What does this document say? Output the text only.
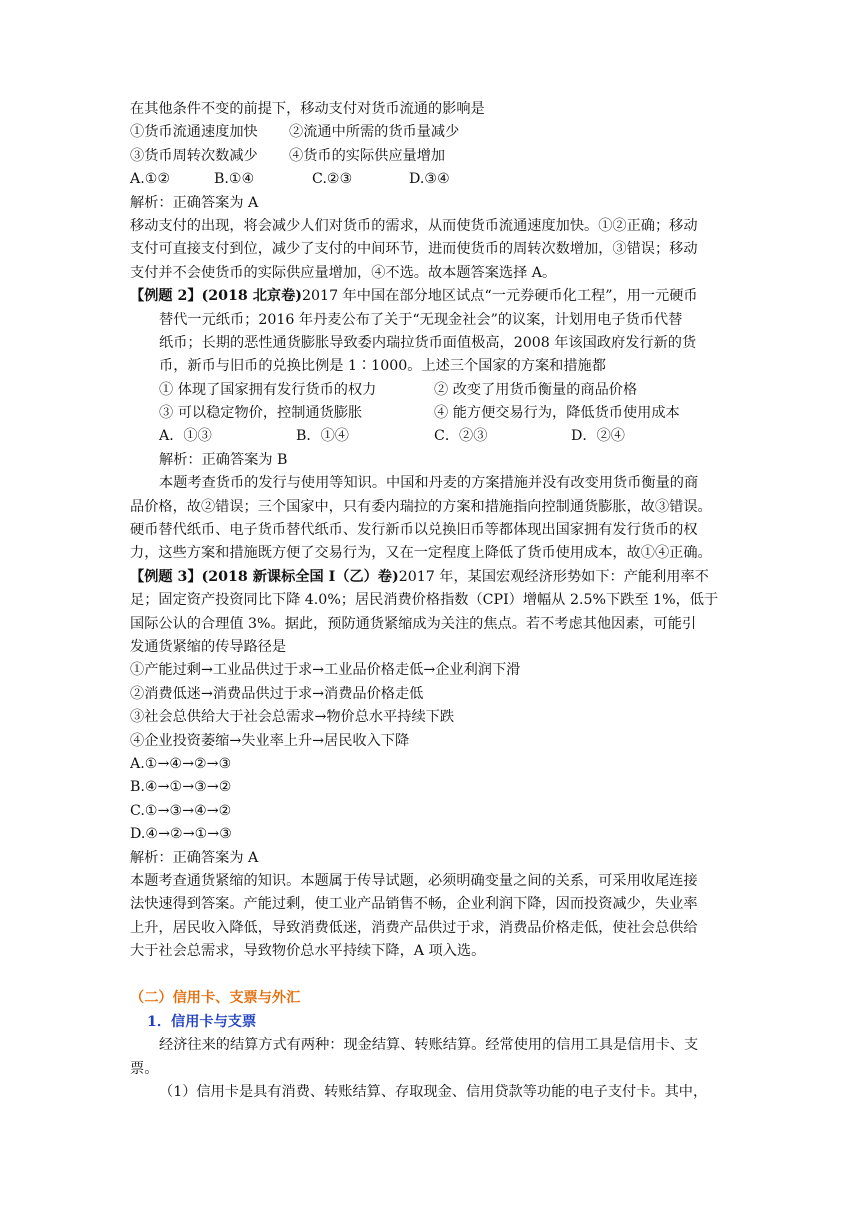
在其他条件不变的前提下，移动支付对货币流通的影响是
①货币流通速度加快	②流通中所需的货币量减少
③货币周转次数减少	④货币的实际供应量增加
A.①②	B.①④	C.②③	D.③④
解析：正确答案为 A
移动支付的出现，将会减少人们对货币的需求，从而使货币流通速度加快。①②正确；移动
支付可直接支付到位，减少了支付的中间环节，进而使货币的周转次数增加，③错误；移动
支付并不会使货币的实际供应量增加，④不选。故本题答案选择 A。
【例题 2】(2018 北京卷)2017 年中国在部分地区试点“一元券硬币化工程”，用一元硬币
替代一元纸币；2016 年丹麦公布了关于“无现金社会”的议案，计划用电子货币代替
纸币；长期的恶性通货膨胀导致委内瑞拉货币面值极高，2008 年该国政府发行新的货
币，新币与旧币的兑换比例是 1∶1000。上述三个国家的方案和措施都
① 体现了国家拥有发行货币的权力	② 改变了用货币衡量的商品价格
③ 可以稳定物价，控制通货膨胀	④ 能方便交易行为，降低货币使用成本
A．①③	B．①④	C．②③	D．②④
解析：正确答案为 B
本题考查货币的发行与使用等知识。中国和丹麦的方案措施并没有改变用货币衡量的商
品价格，故②错误；三个国家中，只有委内瑞拉的方案和措施指向控制通货膨胀，故③错误。
硬币替代纸币、电子货币替代纸币、发行新币以兑换旧币等都体现出国家拥有发行货币的权
力，这些方案和措施既方便了交易行为，又在一定程度上降低了货币使用成本，故①④正确。
【例题 3】(2018 新课标全国 I（乙）卷)2017 年，某国宏观经济形势如下：产能利用率不
足；固定资产投资同比下降 4.0%；居民消费价格指数（CPI）增幅从 2.5%下跌至 1%，低于
国际公认的合理值 3%。据此，预防通货紧缩成为关注的焦点。若不考虑其他因素，可能引
发通货紧缩的传导路径是
①产能过剩→工业品供过于求→工业品价格走低→企业利润下滑
②消费低迷→消费品供过于求→消费品价格走低
③社会总供给大于社会总需求→物价总水平持续下跌
④企业投资萎缩→失业率上升→居民收入下降
A.①→④→②→③
B.④→①→③→②
C.①→③→④→②
D.④→②→①→③
解析：正确答案为 A
本题考查通货紧缩的知识。本题属于传导试题，必须明确变量之间的关系，可采用收尾连接
法快速得到答案。产能过剩，使工业产品销售不畅，企业利润下降，因而投资减少，失业率
上升，居民收入降低，导致消费低迷，消费产品供过于求，消费品价格走低，使社会总供给
大于社会总需求，导致物价总水平持续下降，A 项入选。
（二）信用卡、支票与外汇
1．信用卡与支票
经济往来的结算方式有两种：现金结算、转账结算。经常使用的信用工具是信用卡、支
票。
（1）信用卡是具有消费、转账结算、存取现金、信用贷款等功能的电子支付卡。其中，
